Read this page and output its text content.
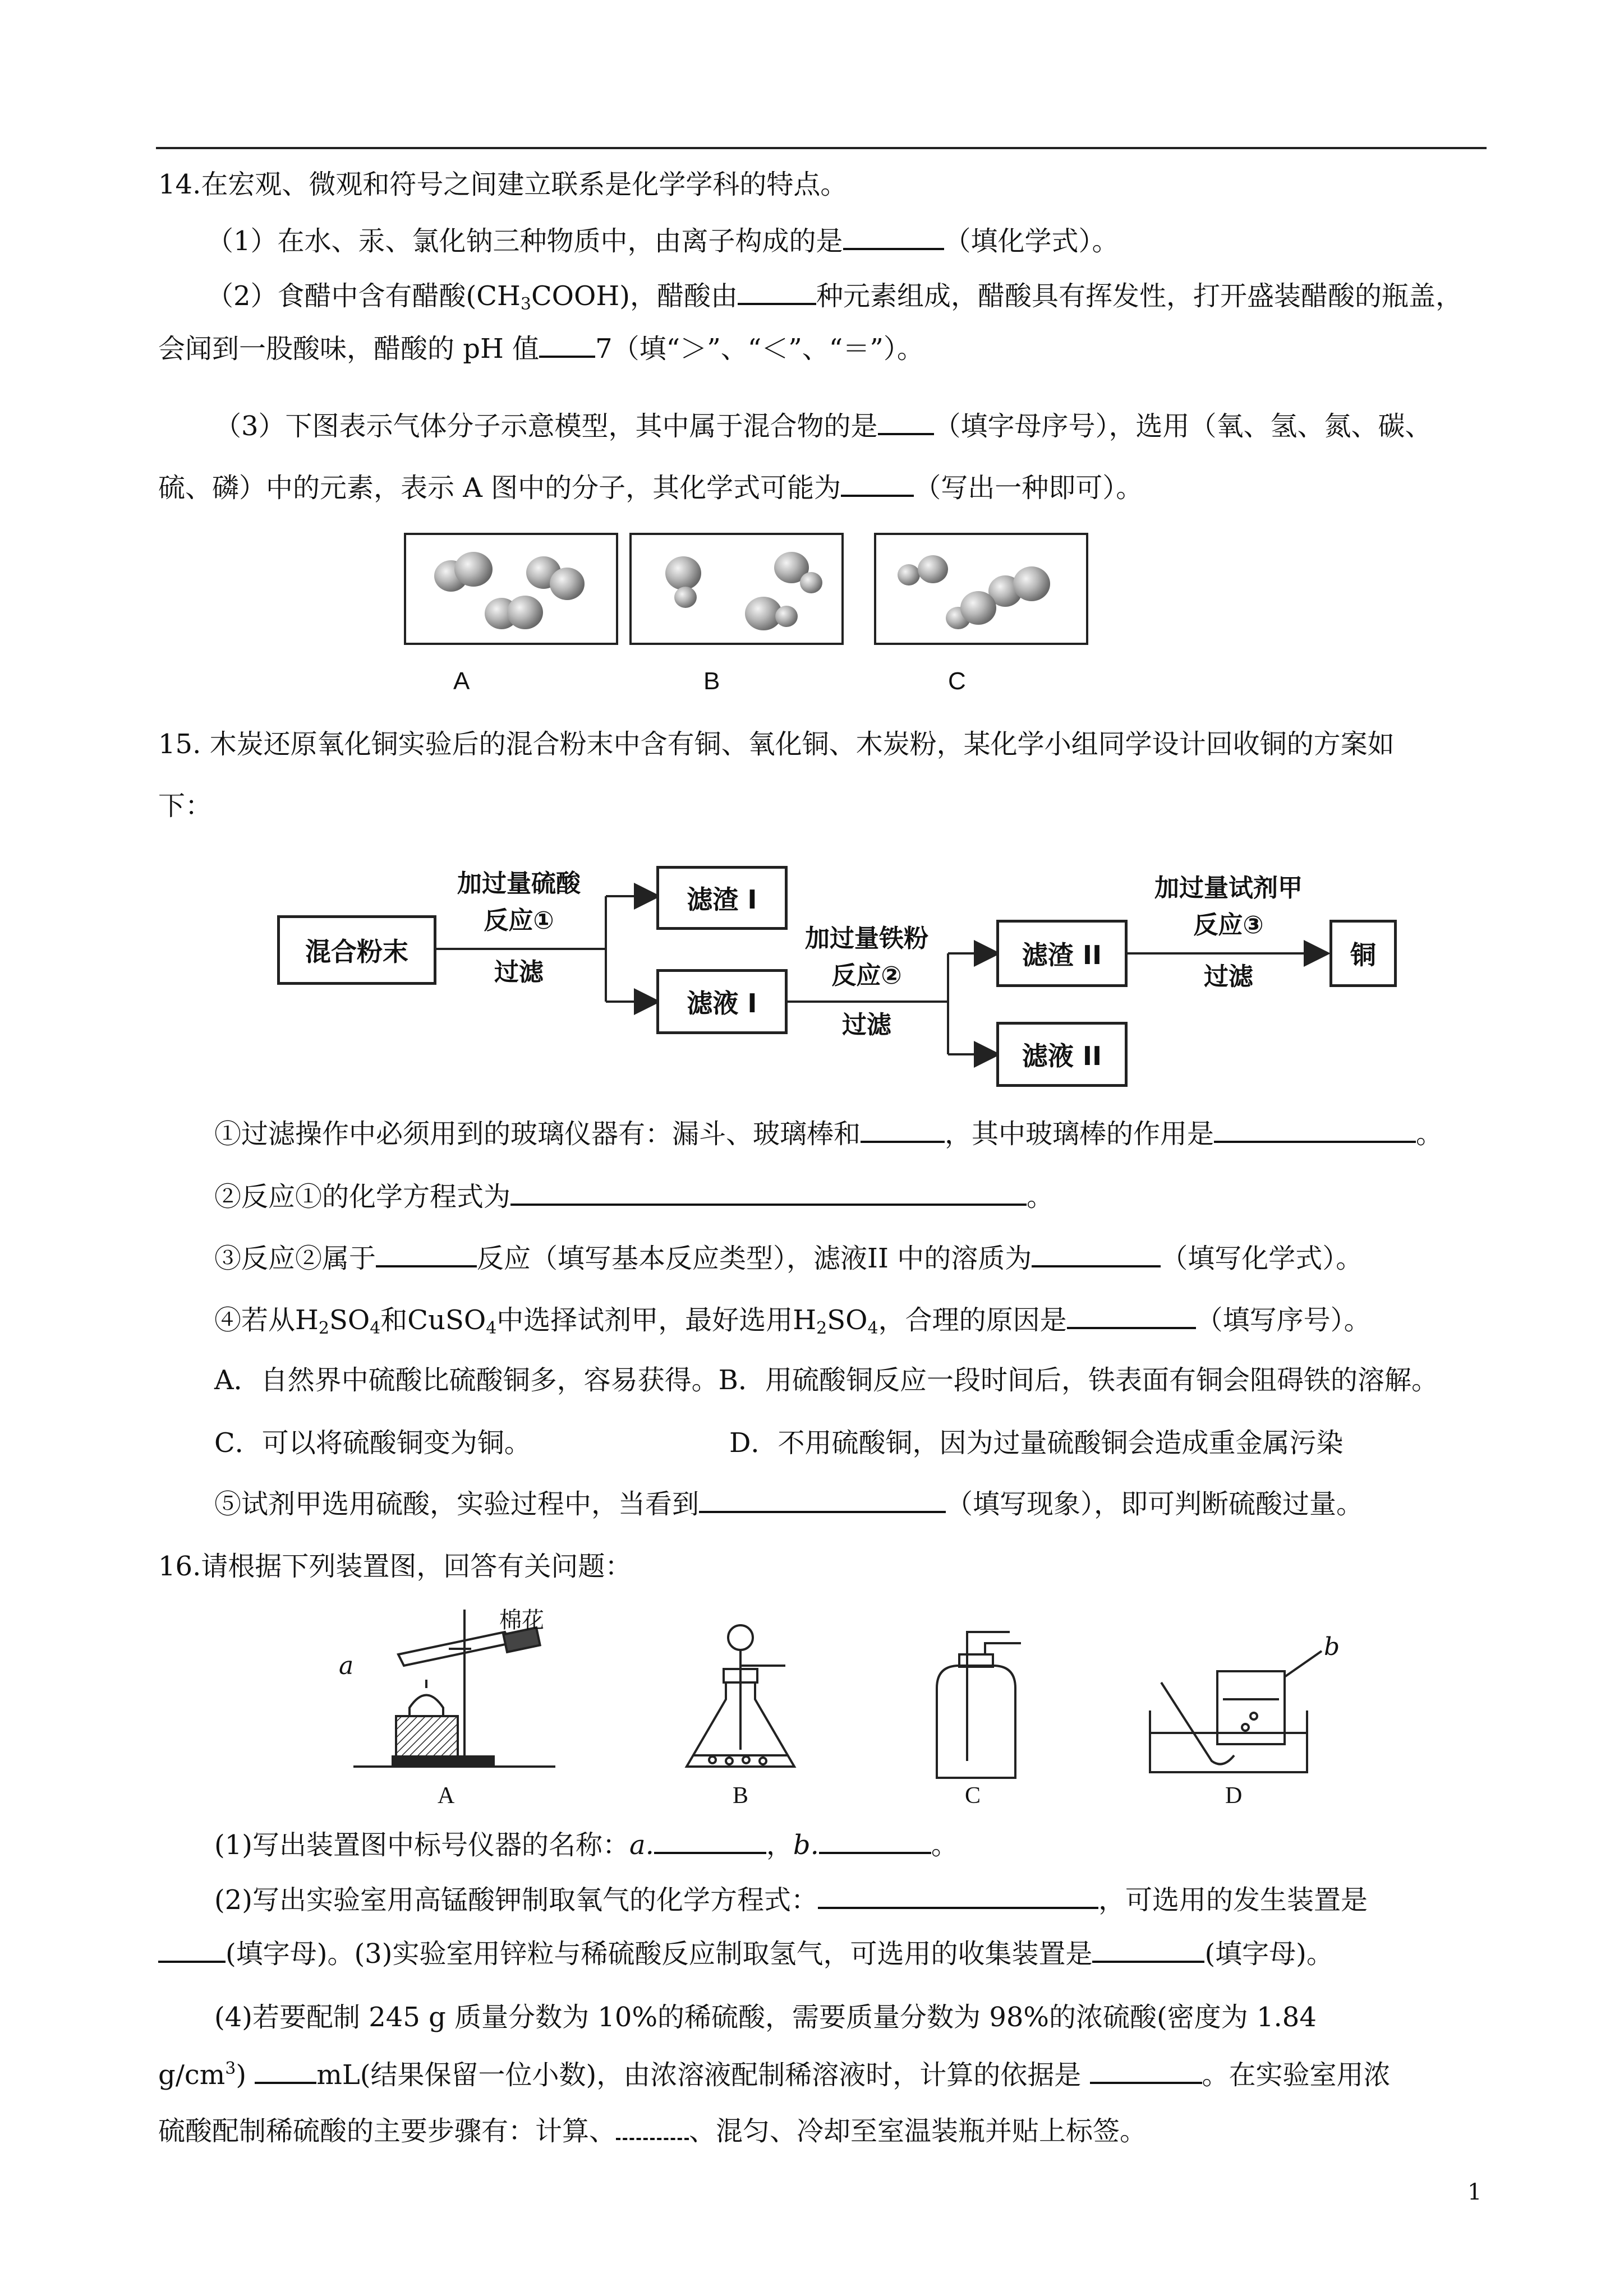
14.在宏观、微观和符号之间建立联系是化学学科的特点。
（1）在水、汞、氯化钠三种物质中，由离子构成的是	（填化学式）。
（2）食醋中含有醋酸$(CH_3COOH)$，醋酸由	种元素组成，醋酸具有挥发性，打开盛装醋酸的瓶盖，
会闻到一股酸味，醋酸的 pH 值 7（填“＞”、“＜”、“＝”）。
（3）下图表示气体分子示意模型，其中属于混合物的是 （填字母序号），选用（氧、氢、氮、碳、
硫、磷）中的元素，表示 A 图中的分子，其化学式可能为	（写出一种即可）。
A	B	C
15. 木炭还原氧化铜实验后的混合粉末中含有铜、氧化铜、木炭粉，某化学小组同学设计回收铜的方案如
下：
混合粉末
滤渣 I
滤液 I
滤渣 II
滤液 II
铜
加过量硫酸
反应①
过滤
加过量铁粉
反应②
过滤
加过量试剂甲
反应③
过滤
①过滤操作中必须用到的玻璃仪器有：漏斗、玻璃棒和	，其中玻璃棒的作用是	。
②反应①的化学方程式为	。
③反应②属于	反应（填写基本反应类型），滤液II 中的溶质为	（填写化学式）。
④若从$H_2SO_4$和CuSO$_4$中选择试剂甲，最好选用$H_2SO_4$，合理的原因是	（填写序号）。
A．自然界中硫酸比硫酸铜多，容易获得。B．用硫酸铜反应一段时间后，铁表面有铜会阻碍铁的溶解。
C．可以将硫酸铜变为铜。	D．不用硫酸铜，因为过量硫酸铜会造成重金属污染
⑤试剂甲选用硫酸，实验过程中，当看到	（填写现象），即可判断硫酸过量。
16.请根据下列装置图，回答有关问题：
棉花
a
b
A	B	C	D
(1)写出装置图中标号仪器的名称：a.	，b.	。
(2)写出实验室用高锰酸钾制取氧气的化学方程式：	，可选用的发生装置是
(填字母)。(3)实验室用锌粒与稀硫酸反应制取氢气，可选用的收集装置是	(填字母)。
(4)若要配制 245 g 质量分数为 10%的稀硫酸，需要质量分数为 98%的浓硫酸(密度为 1.84
$g/cm^3$)	mL(结果保留一位小数)，由浓溶液配制稀溶液时，计算的依据是	。在实验室用浓
硫酸配制稀硫酸的主要步骤有：计算、	、混匀、冷却至室温装瓶并贴上标签。
1
